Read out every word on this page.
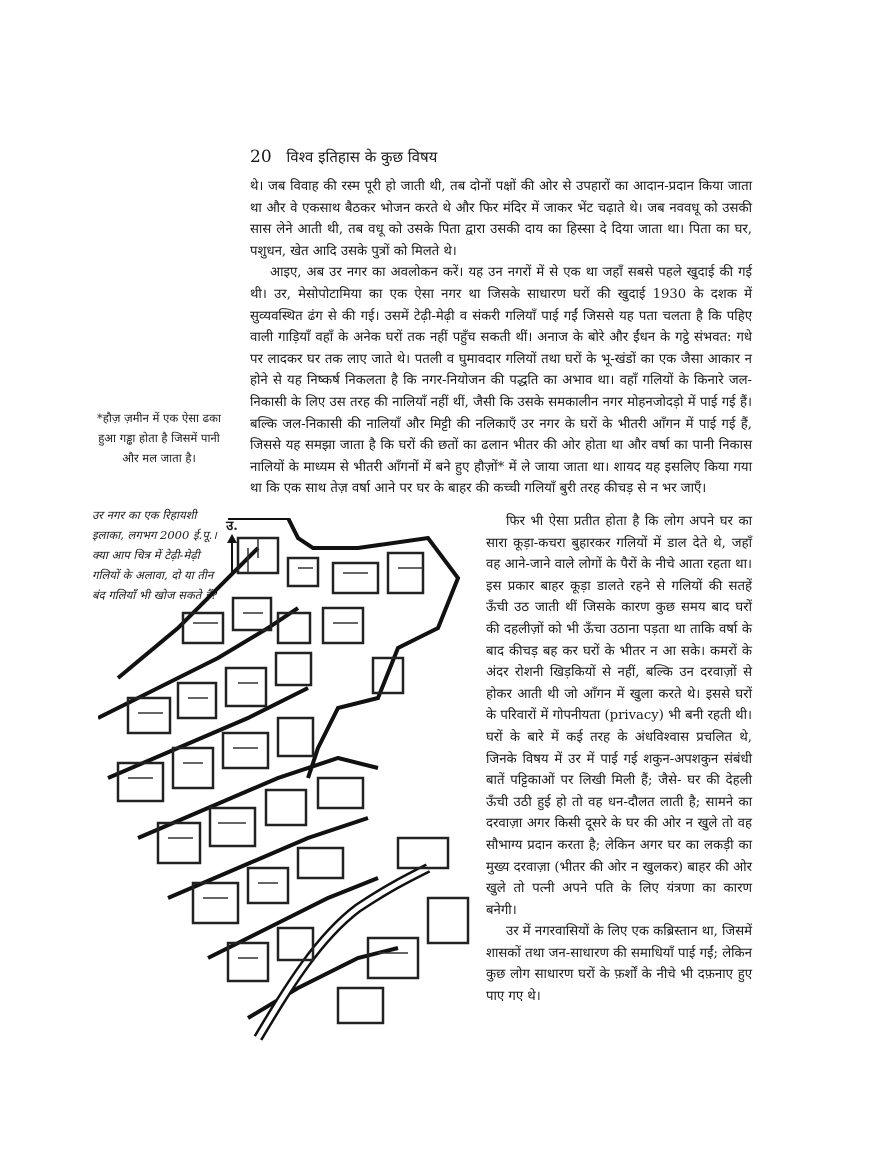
20 विश्व इतिहास के कुछ विषय

थे। जब विवाह की रस्म पूरी हो जाती थी, तब दोनों पक्षों की ओर से उपहारों का आदान-प्रदान किया जाता था और वे एकसाथ बैठकर भोजन करते थे और फिर मंदिर में जाकर भेंट चढ़ाते थे। जब नववधू को उसकी सास लेने आती थी, तब वधू को उसके पिता द्वारा उसकी दाय का हिस्सा दे दिया जाता था। पिता का घर, पशुधन, खेत आदि उसके पुत्रों को मिलते थे।

आइए, अब उर नगर का अवलोकन करें। यह उन नगरों में से एक था जहाँ सबसे पहले खुदाई की गई थी। उर, मेसोपोटामिया का एक ऐसा नगर था जिसके साधारण घरों की खुदाई 1930 के दशक में सुव्यवस्थित ढंग से की गई। उसमें टेढ़ी-मेढ़ी व संकरी गलियाँ पाई गईं जिससे यह पता चलता है कि पहिए वाली गाड़ियाँ वहाँ के अनेक घरों तक नहीं पहुँच सकती थीं। अनाज के बोरे और ईंधन के गट्ठे संभवत: गधे पर लादकर घर तक लाए जाते थे। पतली व घुमावदार गलियों तथा घरों के भू-खंडों का एक जैसा आकार न होने से यह निष्कर्ष निकलता है कि नगर-नियोजन की पद्धति का अभाव था। वहाँ गलियों के किनारे जल-निकासी के लिए उस तरह की नालियाँ नहीं थीं, जैसी कि उसके समकालीन नगर मोहनजोदड़ो में पाई गई हैं। बल्कि जल-निकासी की नालियाँ और मिट्टी की नलिकाएँ उर नगर के घरों के भीतरी आँगन में पाई गई हैं, जिससे यह समझा जाता है कि घरों की छतों का ढलान भीतर की ओर होता था और वर्षा का पानी निकास नालियों के माध्यम से भीतरी आँगनों में बने हुए हौज़ों* में ले जाया जाता था। शायद यह इसलिए किया गया था कि एक साथ तेज़ वर्षा आने पर घर के बाहर की कच्ची गलियाँ बुरी तरह कीचड़ से न भर जाएँ।

फिर भी ऐसा प्रतीत होता है कि लोग अपने घर का सारा कूड़ा-कचरा बुहारकर गलियों में डाल देते थे, जहाँ वह आने-जाने वाले लोगों के पैरों के नीचे आता रहता था। इस प्रकार बाहर कूड़ा डालते रहने से गलियों की सतहें ऊँची उठ जाती थीं जिसके कारण कुछ समय बाद घरों की दहलीज़ों को भी ऊँचा उठाना पड़ता था ताकि वर्षा के बाद कीचड़ बह कर घरों के भीतर न आ सके। कमरों के अंदर रोशनी खिड़कियों से नहीं, बल्कि उन दरवाज़ों से होकर आती थी जो आँगन में खुला करते थे। इससे घरों के परिवारों में गोपनीयता (privacy) भी बनी रहती थी। घरों के बारे में कई तरह के अंधविश्वास प्रचलित थे, जिनके विषय में उर में पाई गई शकुन-अपशकुन संबंधी बातें पट्टिकाओं पर लिखी मिली हैं; जैसे- घर की देहली ऊँची उठी हुई हो तो वह धन-दौलत लाती है; सामने का दरवाज़ा अगर किसी दूसरे के घर की ओर न खुले तो वह सौभाग्य प्रदान करता है; लेकिन अगर घर का लकड़ी का मुख्य दरवाज़ा (भीतर की ओर न खुलकर) बाहर की ओर खुले तो पत्नी अपने पति के लिए यंत्रणा का कारण बनेगी।

उर में नगरवासियों के लिए एक कब्रिस्तान था, जिसमें शासकों तथा जन-साधारण की समाधियाँ पाई गईं; लेकिन कुछ लोग साधारण घरों के फ़र्शों के नीचे भी दफ़नाए हुए पाए गए थे।

*हौज़ ज़मीन में एक ऐसा ढका हुआ गड्ढा होता है जिसमें पानी और मल जाता है।
उर नगर का एक रिहायशी इलाका, लगभग 2000 ई.पू.। क्या आप चित्र में टेढ़ी-मेढ़ी गलियों के अलावा, दो या तीन बंद गलियाँ भी खोज सकते हैं?
उ.
